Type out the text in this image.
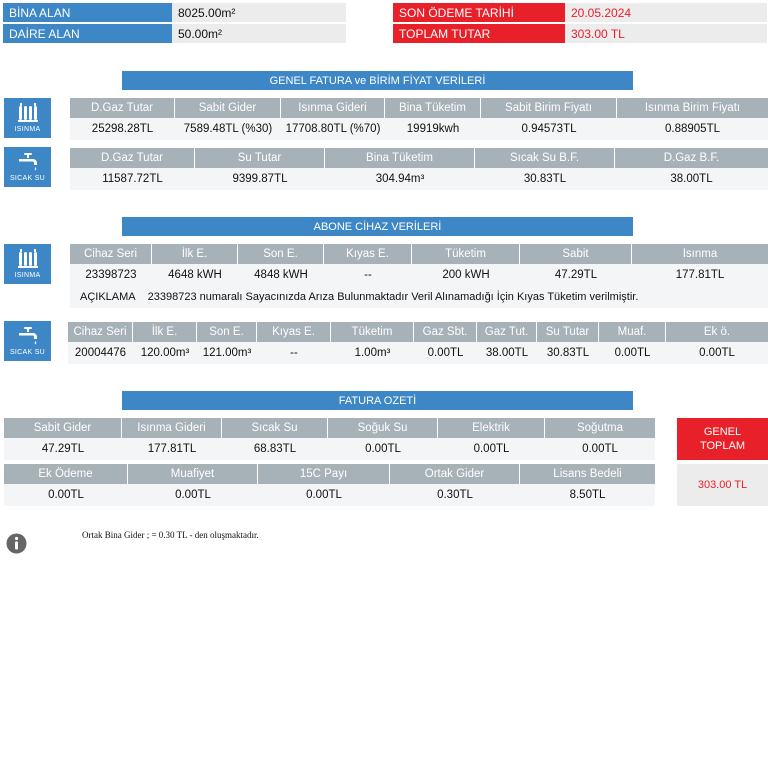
BİNA ALAN	8025.00m²
DAİRE ALAN	50.00m²
SON ÖDEME TARİHİ	20.05.2024
TOPLAM TUTAR	303.00 TL
GENEL FATURA ve BİRİM FİYAT VERİLERİ
ISINMA
D.Gaz Tutar	Sabit Gider	Isınma Gideri	Bina Tüketim	Sabit Birim Fiyatı	Isınma Birim Fiyatı
25298.28TL	7589.48TL (%30)	17708.80TL (%70)	19919kwh	0.94573TL	0.88905TL
SICAK SU
D.Gaz Tutar	Su Tutar	Bina Tüketim	Sıcak Su B.F.	D.Gaz B.F.
11587.72TL	9399.87TL	304.94m³	30.83TL	38.00TL
ABONE CİHAZ VERİLERİ
ISINMA
Cihaz Seri	İlk E.	Son E.	Kıyas E.	Tüketim	Sabit	Isınma
23398723	4648 kWH	4848 kWH	--	200 kWH	47.29TL	177.81TL
AÇIKLAMA 23398723 numaralı Sayacınızda Arıza Bulunmaktadır Veril Alınamadığı İçin Kıyas Tüketim verilmiştir.
SICAK SU
Cihaz Seri	İlk E.	Son E.	Kıyas E.	Tüketim	Gaz Sbt.	Gaz Tut.	Su Tutar	Muaf.	Ek ö.
20004476	120.00m³	121.00m³	--	1.00m³	0.00TL	38.00TL	30.83TL	0.00TL	0.00TL
FATURA OZETİ
Sabit Gider	Isınma Gideri	Sıcak Su	Soğuk Su	Elektrik	Soğutma
47.29TL	177.81TL	68.83TL	0.00TL	0.00TL	0.00TL
Ek Ödeme	Muafiyet	15C Payı	Ortak Gider	Lisans Bedeli
0.00TL	0.00TL	0.00TL	0.30TL	8.50TL
GENEL
TOPLAM
303.00 TL
Ortak Bina Gider ; = 0.30 TL - den oluşmaktadır.
